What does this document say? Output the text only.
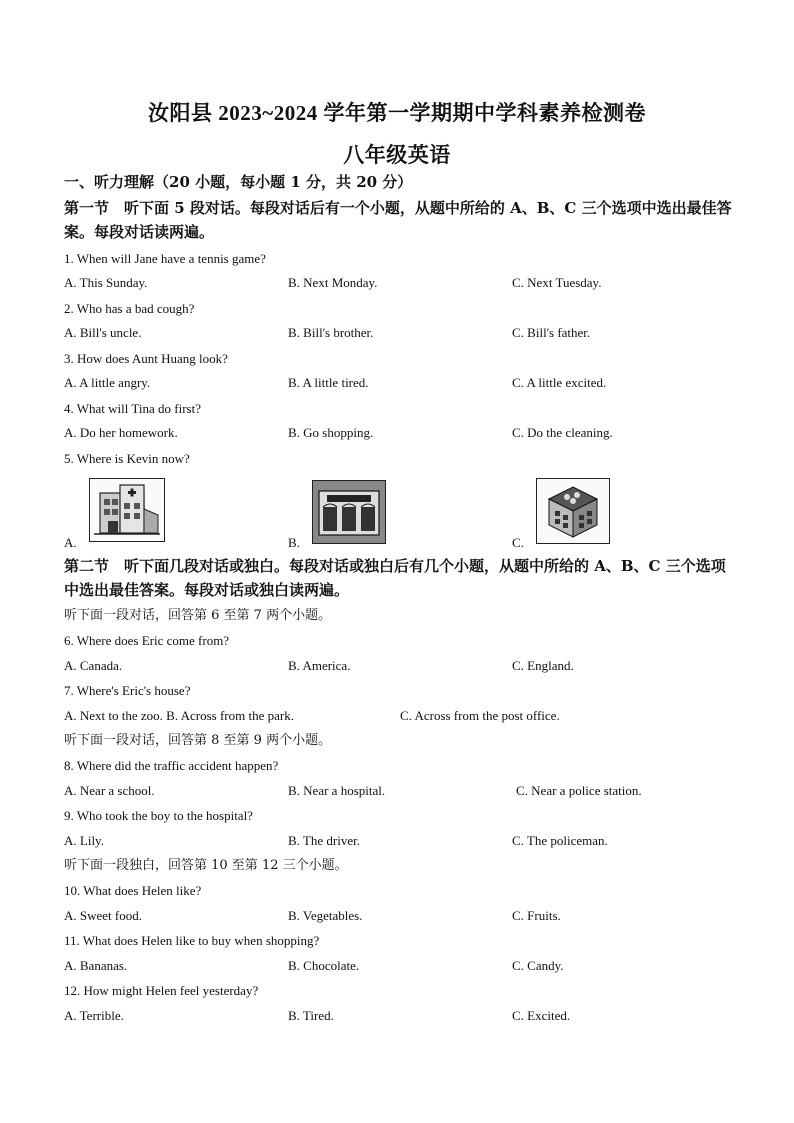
汝阳县 2023~2024 学年第一学期期中学科素养检测卷
八年级英语
一、听力理解（20 小题，每小题 1 分，共 20 分）
第一节　听下面 5 段对话。每段对话后有一个小题，从题中所给的 A、B、C 三个选项中选出最佳答案。每段对话读两遍。
1. When will Jane have a tennis game?
A. This Sunday.	B. Next Monday.	C. Next Tuesday.
2. Who has a bad cough?
A. Bill's uncle.	B. Bill's brother.	C. Bill's father.
3. How does Aunt Huang look?
A. A little angry.	B. A little tired.	C. A little excited.
4. What will Tina do first?
A. Do her homework.	B. Go shopping.	C. Do the cleaning.
5. Where is Kevin now?
A.	B.	C.
第二节　听下面几段对话或独白。每段对话或独白后有几个小题，从题中所给的 A、B、C 三个选项中选出最佳答案。每段对话或独白读两遍。
听下面一段对话，回答第 6 至第 7 两个小题。
6. Where does Eric come from?
A. Canada.	B. America.	C. England.
7. Where's Eric's house?
A. Next to the zoo. B. Across from the park.	C. Across from the post office.
听下面一段对话，回答第 8 至第 9 两个小题。
8. Where did the traffic accident happen?
A. Near a school.	B. Near a hospital.	C. Near a police station.
9. Who took the boy to the hospital?
A. Lily.	B. The driver.	C. The policeman.
听下面一段独白，回答第 10 至第 12 三个小题。
10. What does Helen like?
A. Sweet food.	B. Vegetables.	C. Fruits.
11. What does Helen like to buy when shopping?
A. Bananas.	B. Chocolate.	C. Candy.
12. How might Helen feel yesterday?
A. Terrible.	B. Tired.	C. Excited.
